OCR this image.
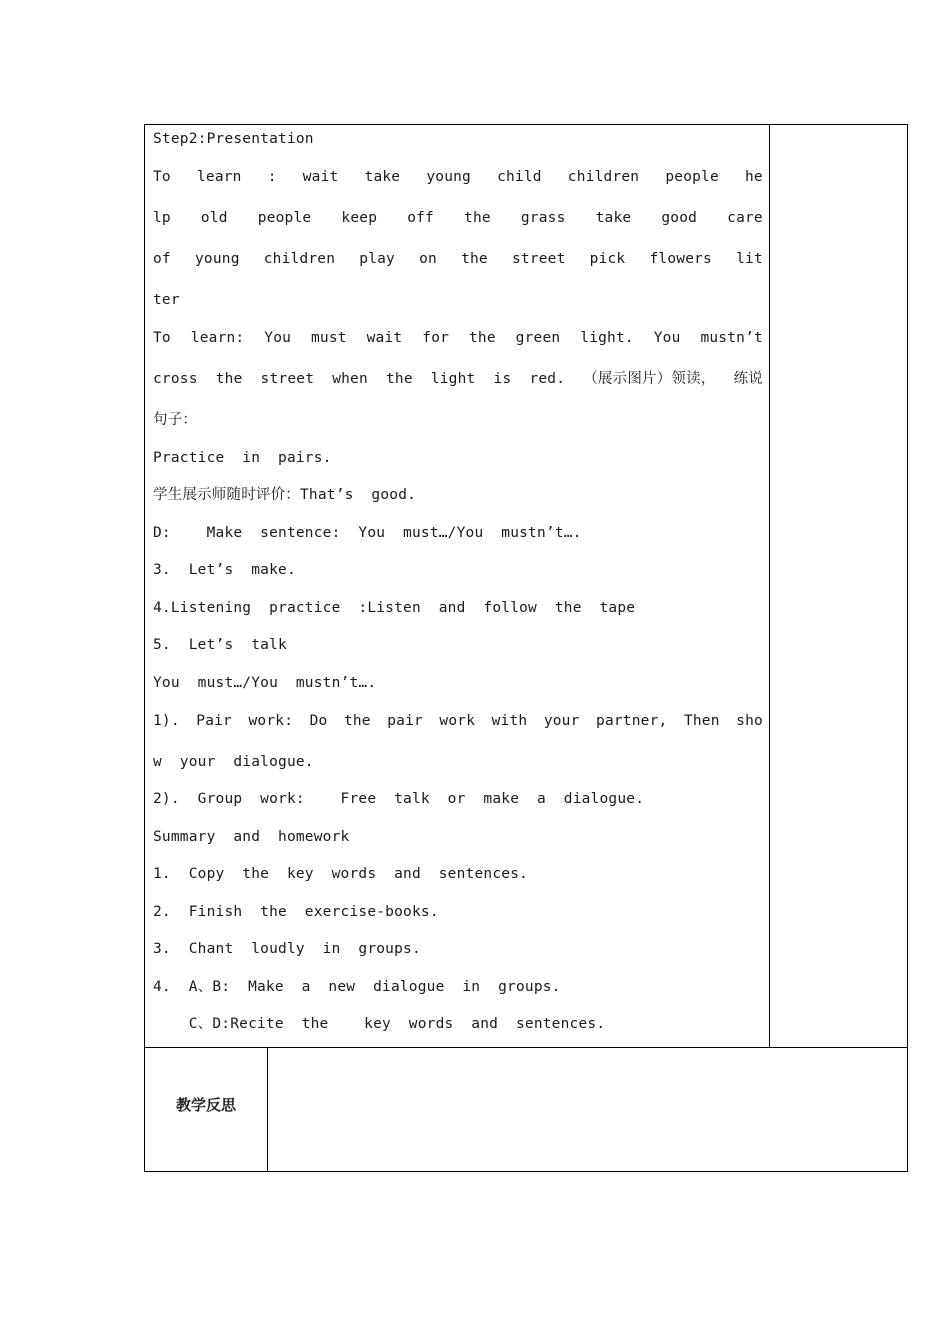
Step2:Presentation
To learn : wait take young child children people he
lp old people keep off the grass take good care
of young children play on the street pick flowers lit
ter
To learn: You must wait for the green light. You mustn’t
cross the street when the light is red. （展示图片）领读， 练说
句子：
Practice  in  pairs.
学生展示师随时评价：That’s  good.
D:    Make  sentence:  You  must…/You  mustn’t….
3.  Let’s  make.
4.Listening  practice  :Listen  and  follow  the  tape
5.  Let’s  talk
You  must…/You  mustn’t….
1). Pair work: Do the pair work with your partner, Then sho
w  your  dialogue.
2).  Group  work:    Free  talk  or  make  a  dialogue.
Summary  and  homework
1.  Copy  the  key  words  and  sentences.
2.  Finish  the  exercise-books.
3.  Chant  loudly  in  groups.
4.  A、B:  Make  a  new  dialogue  in  groups.
C、D:Recite  the    key  words  and  sentences.
教学反思
